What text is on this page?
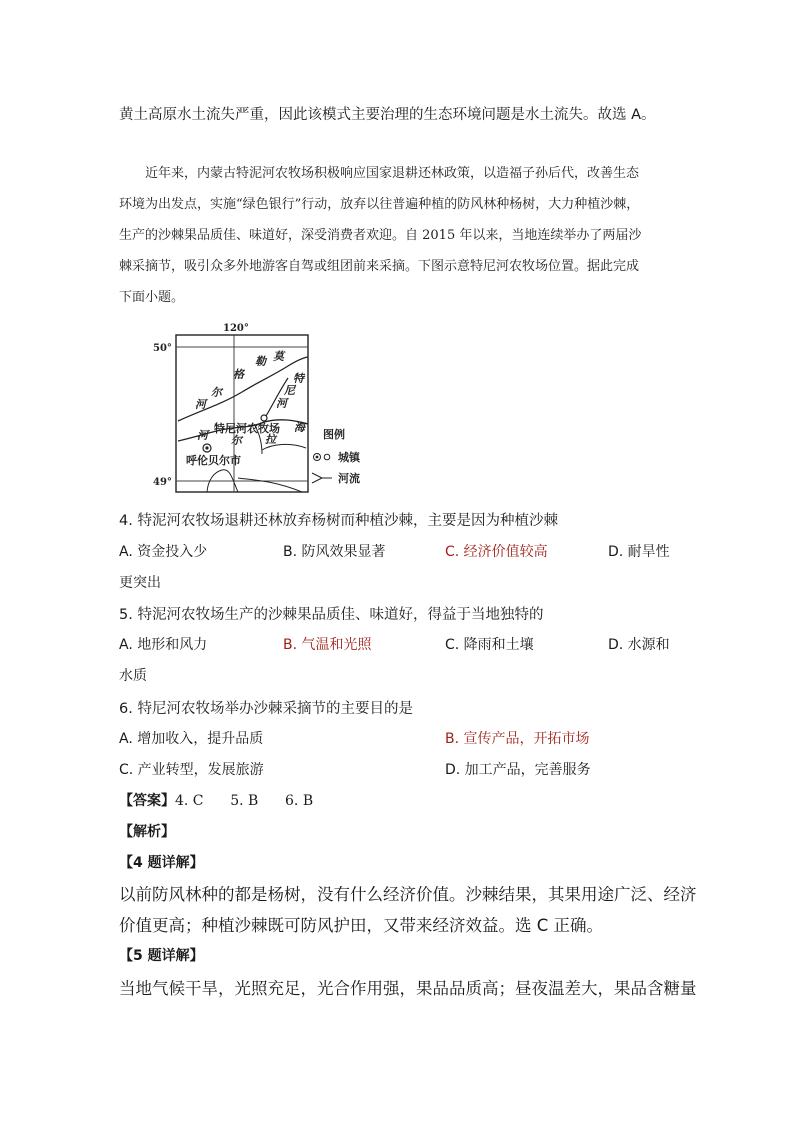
黄土高原水土流失严重，因此该模式主要治理的生态环境问题是水土流失。故选 A。

近年来，内蒙古特泥河农牧场积极响应国家退耕还林政策，以造福子孙后代，改善生态

环境为出发点，实施“绿色银行”行动，放弃以往普遍种植的防风林种杨树，大力种植沙棘，

生产的沙棘果品质佳、味道好，深受消费者欢迎。自 2015 年以来，当地连续举办了两届沙

棘采摘节，吸引众多外地游客自驾或组团前来采摘。下图示意特尼河农牧场位置。据此完成

下面小题。

120°
50°
49°
勒 莫
格
尔
河
特
尼
河
海
拉
尔
河
特尼河农牧场
呼伦贝尔市
图例
城镇
河流
4. 特泥河农牧场退耕还林放弃杨树而种植沙棘，主要是因为种植沙棘
A. 资金投入少	B. 防风效果显著	C. 经济价值较高	D. 耐旱性
更突出
5. 特泥河农牧场生产的沙棘果品质佳、味道好，得益于当地独特的
A. 地形和风力	B. 气温和光照	C. 降雨和土壤	D. 水源和
水质
6. 特尼河农牧场举办沙棘采摘节的主要目的是
A. 增加收入，提升品质	B. 宣传产品，开拓市场
C. 产业转型，发展旅游	D. 加工产品，完善服务
【答案】4. C      5. B      6. B
【解析】
【4 题详解】
以前防风林种的都是杨树，没有什么经济价值。沙棘结果，其果用途广泛、经济
价值更高；种植沙棘既可防风护田，又带来经济效益。选 C 正确。
【5 题详解】
当地气候干旱，光照充足，光合作用强，果品品质高；昼夜温差大，果品含糖量
